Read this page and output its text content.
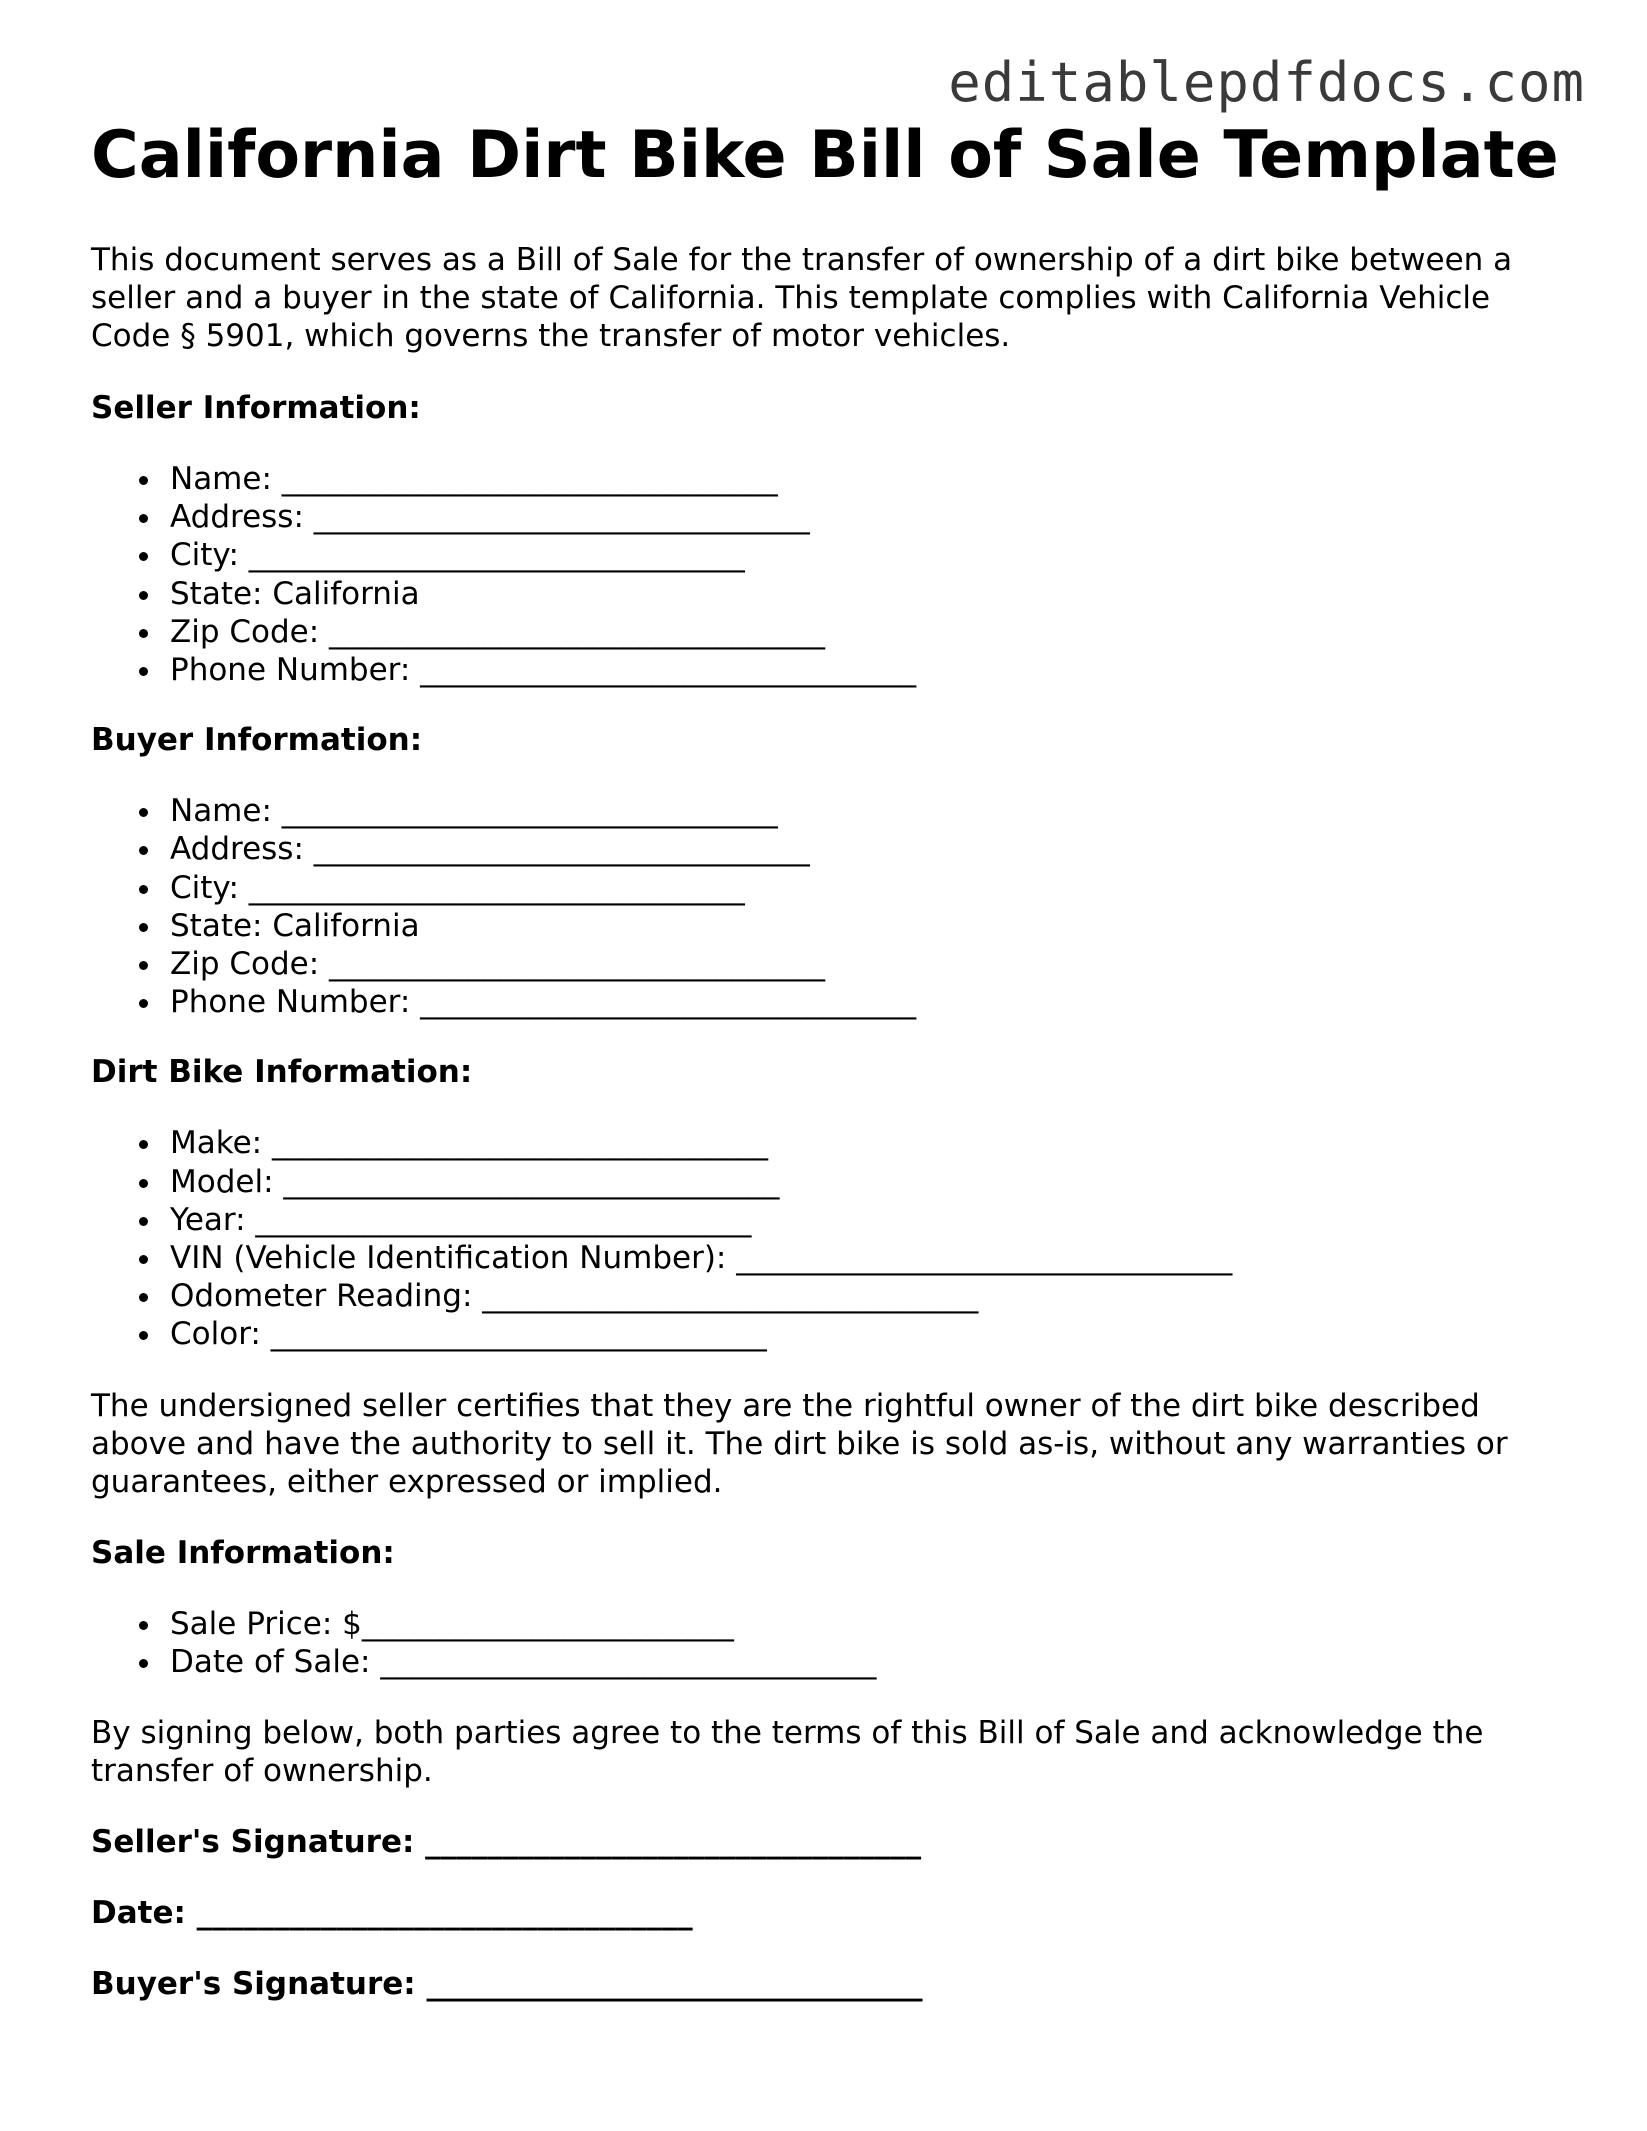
editablepdfdocs.com
California Dirt Bike Bill of Sale Template

This document serves as a Bill of Sale for the transfer of ownership of a dirt bike between a seller and a buyer in the state of California. This template complies with California Vehicle Code § 5901, which governs the transfer of motor vehicles.

Seller Information:
Name: ________________________________
Address: ________________________________
City: ________________________________
State: California
Zip Code: ________________________________
Phone Number: ________________________________
Buyer Information:
Name: ________________________________
Address: ________________________________
City: ________________________________
State: California
Zip Code: ________________________________
Phone Number: ________________________________
Dirt Bike Information:
Make: ________________________________
Model: ________________________________
Year: ________________________________
VIN (Vehicle Identification Number): ________________________________
Odometer Reading: ________________________________
Color: ________________________________

The undersigned seller certifies that they are the rightful owner of the dirt bike described above and have the authority to sell it. The dirt bike is sold as-is, without any warranties or guarantees, either expressed or implied.

Sale Information:
Sale Price: $________________________
Date of Sale: ________________________________

By signing below, both parties agree to the terms of this Bill of Sale and acknowledge the transfer of ownership.

Seller's Signature: ________________________________

Date: ________________________________

Buyer's Signature: ________________________________
